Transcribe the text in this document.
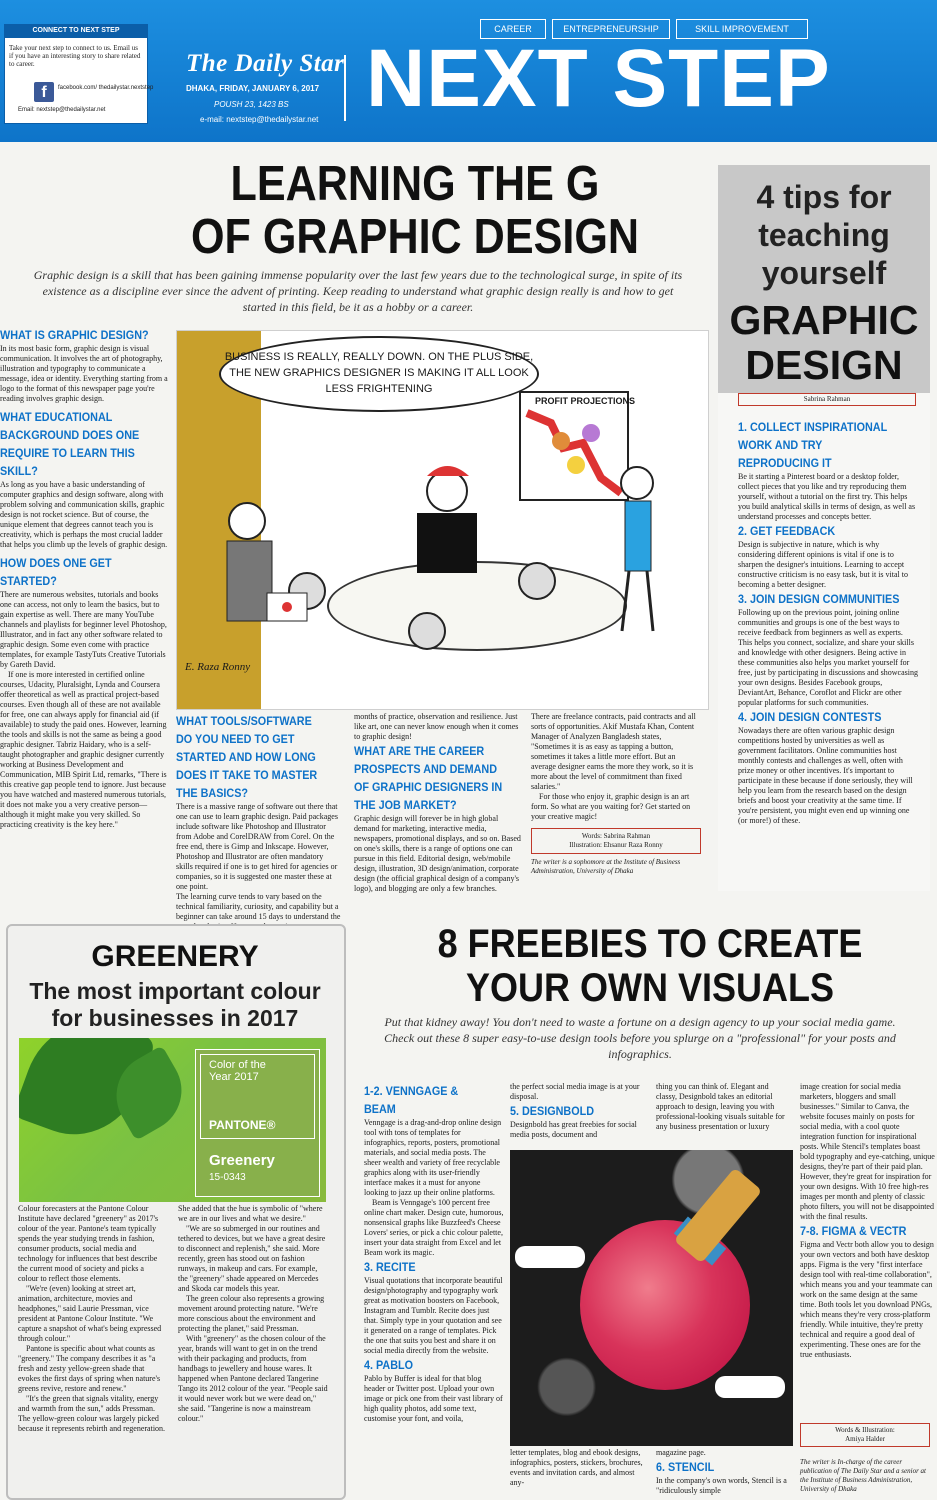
CONNECT TO NEXT STEP
Take your next step to connect to us. Email us if you have an interesting story to share related to career.
f	facebook.com/ thedailystar.nextstep
Email: nextstep@thedailystar.net
The Daily Star
DHAKA, FRIDAY, JANUARY 6, 2017
POUSH 23, 1423 BS
e-mail: nextstep@thedailystar.net
CAREER	ENTREPRENEURSHIP	SKILL IMPROVEMENT
NEXT STEP
LEARNING THE G
OF GRAPHIC DESIGN
Graphic design is a skill that has been gaining immense popularity over the last few years due to the technological surge, in spite of its existence as a discipline ever since the advent of printing. Keep reading to understand what graphic design really is and how to get started in this field, be it as a hobby or a career.
WHAT IS GRAPHIC DESIGN?
In its most basic form, graphic design is visual communication. It involves the art of photography, illustration and typography to communicate a message, idea or identity. Everything starting from a logo to the format of this newspaper page you're reading involves graphic design.
WHAT EDUCATIONAL BACKGROUND DOES ONE REQUIRE TO LEARN THIS SKILL?
As long as you have a basic understanding of computer graphics and design software, along with problem solving and communication skills, graphic design is not rocket science. But of course, the unique element that degrees cannot teach you is creativity, which is perhaps the most crucial ladder that helps you climb up the levels of graphic design.
HOW DOES ONE GET STARTED?
There are numerous websites, tutorials and books one can access, not only to learn the basics, but to gain expertise as well. There are many YouTube channels and playlists for beginner level Photoshop, Illustrator, and in fact any other software related to graphic design. Some even come with practice templates, for example TastyTuts Creative Tutorials by Gareth David.
If one is more interested in certified online courses, Udacity, Pluralsight, Lynda and Coursera offer theoretical as well as practical project-based courses. Even though all of these are not available for free, one can always apply for financial aid (if available) to study the paid ones. However, learning the tools and skills is not the same as being a good graphic designer. Tabriz Haidary, who is a self-taught photographer and graphic designer currently working at Business Development and Communication, MIB Spirit Ltd, remarks, "There is this creative gap people tend to ignore. Just because you have watched and mastered numerous tutorials, it does not make you a very creative person—although it might make you very skilled. So practicing creativity is the key here."
BUSINESS IS REALLY, REALLY DOWN. ON THE PLUS SIDE, THE NEW GRAPHICS DESIGNER IS MAKING IT ALL LOOK LESS FRIGHTENING
PROFIT PROJECTIONS
E. Raza Ronny
WHAT TOOLS/SOFTWARE DO YOU NEED TO GET STARTED AND HOW LONG DOES IT TAKE TO MASTER THE BASICS?
There is a massive range of software out there that one can use to learn graphic design. Paid packages include software like Photoshop and Illustrator from Adobe and CorelDRAW from Corel. On the free end, there is Gimp and Inkscape. However, Photoshop and Illustrator are often mandatory skills required if one is to get hired for agencies or companies, so it is suggested one master these at one point.
The learning curve tends to vary based on the technical familiarity, curiosity, and capability but a beginner can take around 15 days to understand the
months of practice, observation and resilience. Just like art, one can never know enough when it comes to graphic design!
WHAT ARE THE CAREER PROSPECTS AND DEMAND OF GRAPHIC DESIGNERS IN THE JOB MARKET?
Graphic design will forever be in high global demand for marketing, interactive media, newspapers, promotional displays, and so on. Based on one's skills, there is a range of options one can pursue in this field. Editorial design, web/mobile design, illustration, 3D design/animation, corporate design (the official graphical design of a company's logo), and blogging are only a few branches.
There are freelance contracts, paid contracts and all sorts of opportunities. Akif Mustafa Khan, Content Manager of Analyzen Bangladesh states, "Sometimes it is as easy as tapping a button, sometimes it takes a little more effort. But an average designer earns the more they work, so it is more about the level of commitment than fixed salaries."
For those who enjoy it, graphic design is an art form. So what are you waiting for? Get started on your creative magic!
Words: Sabrina Rahman
Illustration: Ehsanur Raza Ronny
The writer is a sophomore at the Institute of Business Administration, University of Dhaka
4 tips for teaching yourself
GRAPHIC DESIGN
Sabrina Rahman
1. COLLECT INSPIRATIONAL WORK AND TRY REPRODUCING IT
Be it starting a Pinterest board or a desktop folder, collect pieces that you like and try reproducing them yourself, without a tutorial on the first try. This helps you build analytical skills in terms of design, as well as understand processes and concepts better.
2. GET FEEDBACK
Design is subjective in nature, which is why considering different opinions is vital if one is to sharpen the designer's intuitions. Learning to accept constructive criticism is no easy task, but it is vital to becoming a better designer.
3. JOIN DESIGN COMMUNITIES
Following up on the previous point, joining online communities and groups is one of the best ways to receive feedback from beginners as well as experts. This helps you connect, socialize, and share your skills and knowledge with other designers. Being active in these communities also helps you market yourself for free, just by participating in discussions and showcasing your own designs. Besides Facebook groups, DeviantArt, Behance, Coroflot and Flickr are other popular platforms for such communities.
4. JOIN DESIGN CONTESTS
Nowadays there are often various graphic design competitions hosted by universities as well as government facilitators. Online communities host monthly contests and challenges as well, often with prize money or other incentives. It's important to participate in these because if done seriously, they will help you learn from the research based on the design briefs and boost your creativity at the same time. If you're persistent, you might even end up winning one (or more!) of these.
GREENERY
The most important colour for businesses in 2017
Color of the Year 2017
PANTONE®
Greenery
15-0343
Colour forecasters at the Pantone Colour Institute have declared "greenery" as 2017's colour of the year. Pantone's team typically spends the year studying trends in fashion, consumer products, social media and technology for influences that best describe the current mood of society and picks a colour to reflect those elements.
"We're (even) looking at street art, animation, architecture, movies and headphones," said Laurie Pressman, vice president at Pantone Colour Institute. "We capture a snapshot of what's being expressed through colour."
Pantone is specific about what counts as "greenery." The company describes it as "a fresh and zesty yellow-green shade that evokes the first days of spring when nature's greens revive, restore and renew."
"It's the green that signals vitality, energy and warmth from the sun," adds Pressman. The yellow-green colour was largely picked because it represents rebirth and regeneration.
She added that the hue is symbolic of "where we are in our lives and what we desire."
"We are so submerged in our routines and tethered to devices, but we have a great desire to disconnect and replenish," she said. More recently, green has stood out on fashion runways, in makeup and cars. For example, the "greenery" shade appeared on Mercedes and Skoda car models this year.
The green colour also represents a growing movement around protecting nature. "We're more conscious about the environment and protecting the planet," said Pressman.
With "greenery" as the chosen colour of the year, brands will want to get in on the trend with their packaging and products, from handbags to jewellery and house wares. It happened when Pantone declared Tangerine Tango its 2012 colour of the year. "People said it would never work but we were dead on," she said. "Tangerine is now a mainstream colour."
8 FREEBIES TO CREATE
YOUR OWN VISUALS
Put that kidney away! You don't need to waste a fortune on a design agency to up your social media game. Check out these 8 super easy-to-use design tools before you splurge on a "professional" for your posts and infographics.
1-2. VENNGAGE & BEAM
Venngage is a drag-and-drop online design tool with tons of templates for infographics, reports, posters, promotional materials, and social media posts. The sheer wealth and variety of free recyclable graphics along with its user-friendly interface makes it a must for anyone looking to jazz up their online platforms.
Beam is Venngage's 100 percent free online chart maker. Design cute, humorous, nonsensical graphs like Buzzfeed's Cheese Lovers' series, or pick a chic colour palette, insert your data straight from Excel and let Beam work its magic.
3. RECITE
Visual quotations that incorporate beautiful design/photography and typography work great as motivation boosters on Facebook, Instagram and Tumblr. Recite does just that. Simply type in your quotation and see it generated on a range of templates. Pick the one that suits you best and share it on social media directly from the website.
4. PABLO
Pablo by Buffer is ideal for that blog header or Twitter post. Upload your own image or pick one from their vast library of high quality photos, add some text, customise your font, and voila,
the perfect social media image is at your disposal.
5. DESIGNBOLD
Designbold has great freebies for social media posts, document and
letter templates, blog and ebook designs, infographics, posters, stickers, brochures, events and invitation cards, and almost any-
thing you can think of. Elegant and classy, Designbold takes an editorial approach to design, leaving you with professional-looking visuals suitable for any business presentation or luxury
magazine page.
6. STENCIL
In the company's own words, Stencil is a "ridiculously simple
image creation for social media marketers, bloggers and small businesses." Similar to Canva, the website focuses mainly on posts for social media, with a cool quote integration function for inspirational posts. While Stencil's templates boast bold typography and eye-catching, unique designs, they're part of their paid plan. However, they're great for inspiration for your own designs. With 10 free high-res images per month and plenty of classic photo filters, you will not be disappointed with the final results.
7-8. FIGMA & VECTR
Figma and Vectr both allow you to design your own vectors and both have desktop apps. Figma is the very "first interface design tool with real-time collaboration", which means you and your teammate can work on the same design at the same time. Both tools let you download PNGs, which means they're very cross-platform friendly. While intuitive, they're pretty technical and require a good deal of experimenting. These ones are for the true enthusiasts.
Words & Illustration:
Amiya Halder
The writer is In-charge of the career publication of The Daily Star and a senior at the Institute of Business Administration, University of Dhaka
